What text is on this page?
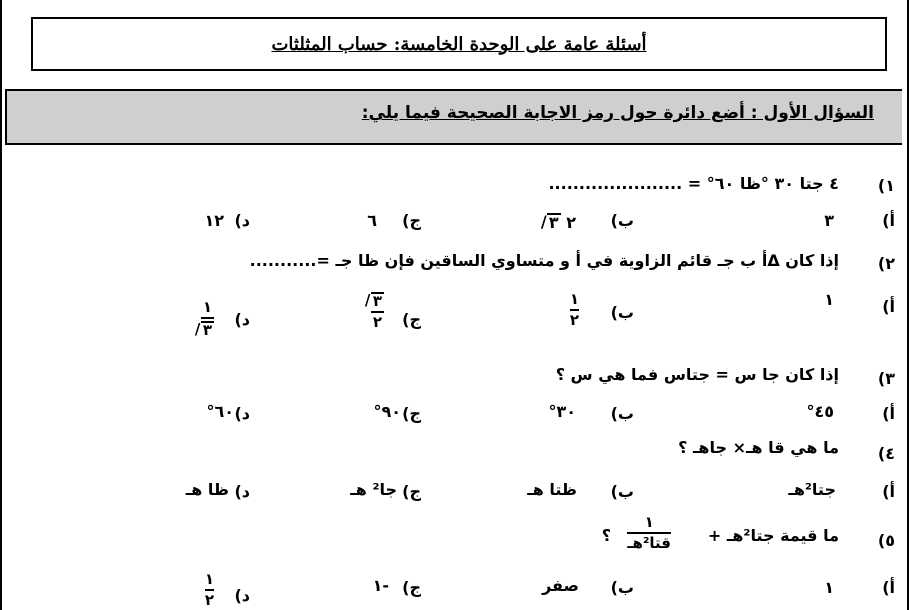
أسئلة عامة على الوحدة الخامسة: حساب المثلثات
السؤال الأول : أضع دائرة حول رمز الاجابة الصحيحة فيما يلي:
١)
٤ جتا ٣٠ °ظا ٦٠° = ......................
أ)
٣
ب)
٣ / ٢
ج)
٦
د)
١٢
٢)
إذا كان Δأ ب جـ قائم الزاوية في أ و متساوي الساقين فإن ظا جـ =...........
أ)
١
ب)
١
٢
ج)
٣ /
٢
د)
١
٣ /
٣)
إذا كان جا س = جتاس فما هي س ؟
أ)
٤٥°
ب)
٣٠°
ج)
٩٠°
د)
٦٠°
٤)
ما هي قا هـ× جاهـ ؟
أ)
جتا²هـ
ب)
ظتا هـ
ج)
جا² هـ
د)
ظا هـ
٥)
ما قيمة جتا²هـ +
١
قتا²هـ
؟
أ)
١
ب)
صفر
ج)
-١
د)
١
٢
